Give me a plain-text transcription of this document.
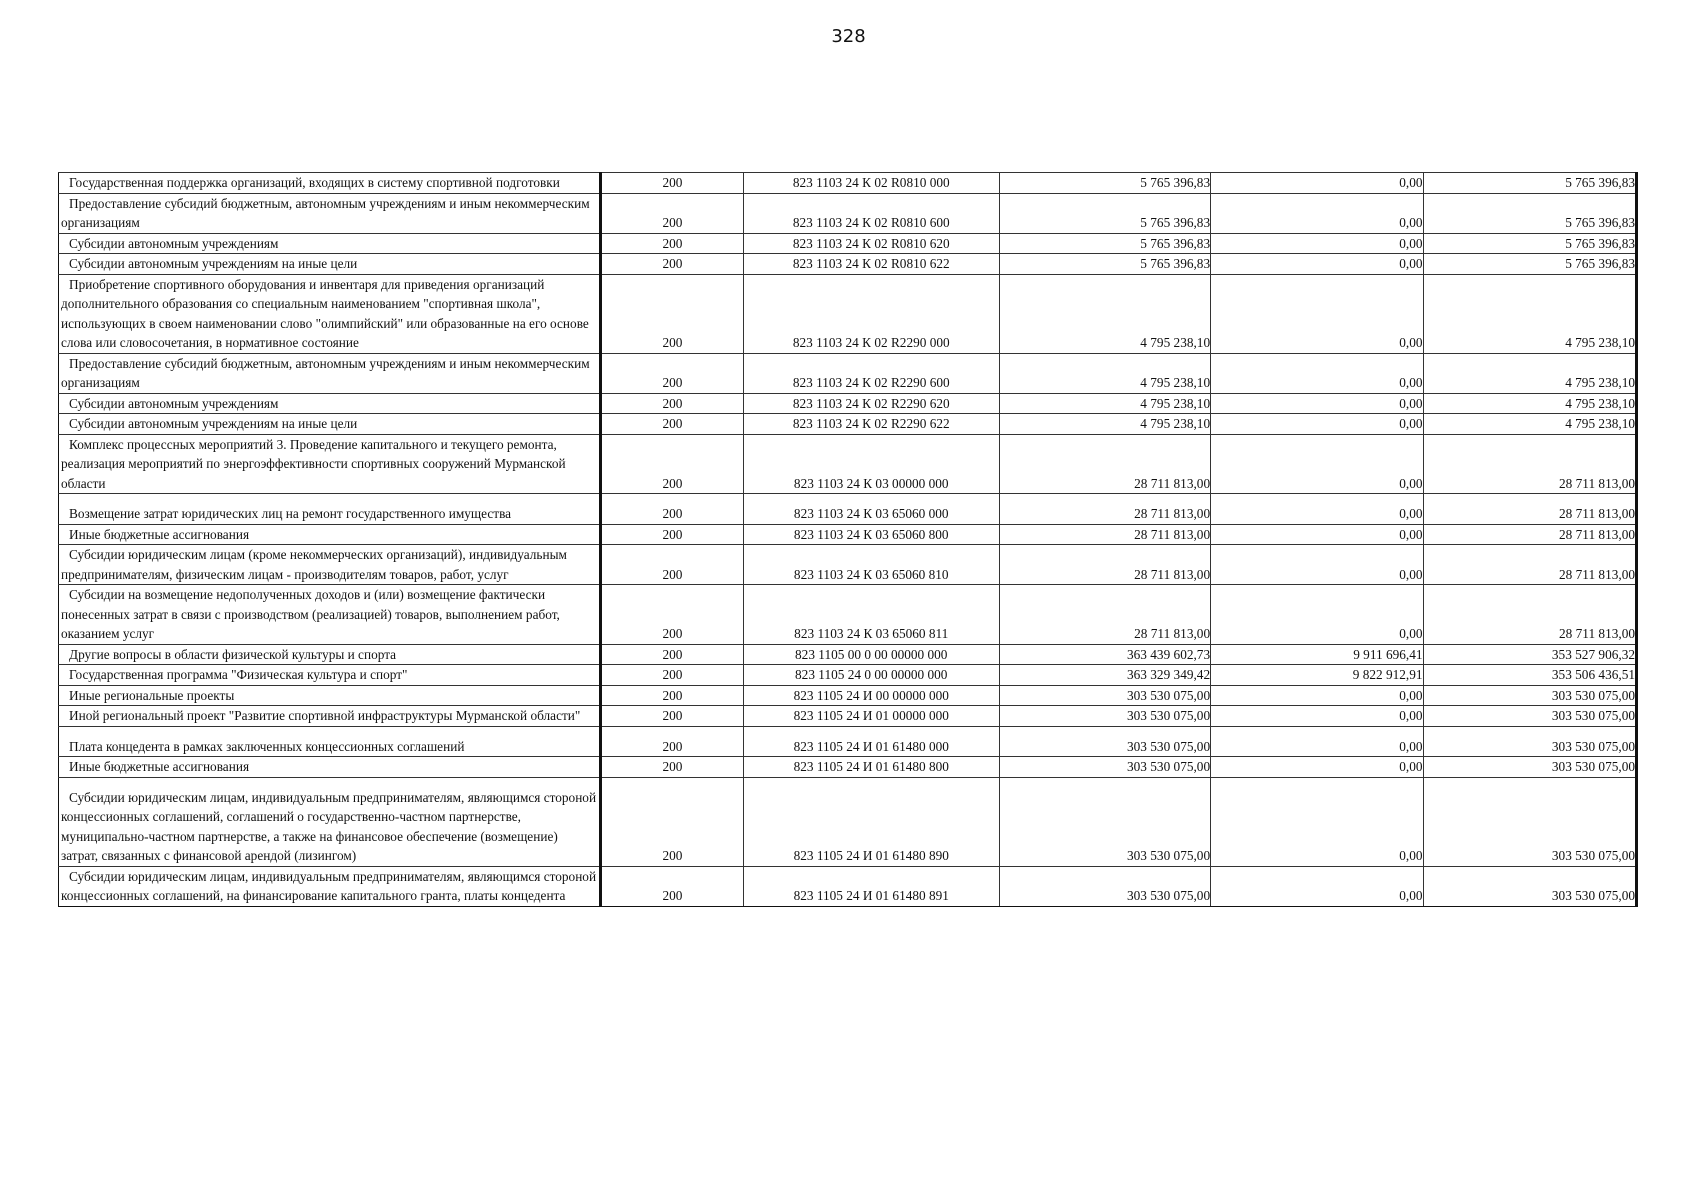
328
Государственная поддержка организаций, входящих в систему спортивной подготовки	200	823 1103 24 К 02 R0810 000	5 765 396,83	0,00	5 765 396,83

Предоставление субсидий бюджетным, автономным учреждениям и иным некоммерческим организациям	200	823 1103 24 К 02 R0810 600	5 765 396,83	0,00	5 765 396,83

Субсидии автономным учреждениям	200	823 1103 24 К 02 R0810 620	5 765 396,83	0,00	5 765 396,83

Субсидии автономным учреждениям на иные цели	200	823 1103 24 К 02 R0810 622	5 765 396,83	0,00	5 765 396,83

Приобретение спортивного оборудования и инвентаря для приведения организаций дополнительного образования со специальным наименованием "спортивная школа", использующих в своем наименовании слово "олимпийский" или образованные на его основе слова или словосочетания, в нормативное состояние	200	823 1103 24 К 02 R2290 000	4 795 238,10	0,00	4 795 238,10

Предоставление субсидий бюджетным, автономным учреждениям и иным некоммерческим организациям	200	823 1103 24 К 02 R2290 600	4 795 238,10	0,00	4 795 238,10

Субсидии автономным учреждениям	200	823 1103 24 К 02 R2290 620	4 795 238,10	0,00	4 795 238,10

Субсидии автономным учреждениям на иные цели	200	823 1103 24 К 02 R2290 622	4 795 238,10	0,00	4 795 238,10

Комплекс процессных мероприятий 3. Проведение капитального и текущего ремонта, реализация мероприятий по энергоэффективности спортивных сооружений Мурманской области	200	823 1103 24 К 03 00000 000	28 711 813,00	0,00	28 711 813,00

Возмещение затрат юридических лиц на ремонт государственного имущества	200	823 1103 24 К 03 65060 000	28 711 813,00	0,00	28 711 813,00

Иные бюджетные ассигнования	200	823 1103 24 К 03 65060 800	28 711 813,00	0,00	28 711 813,00

Субсидии юридическим лицам (кроме некоммерческих организаций), индивидуальным предпринимателям, физическим лицам - производителям товаров, работ, услуг	200	823 1103 24 К 03 65060 810	28 711 813,00	0,00	28 711 813,00

Субсидии на возмещение недополученных доходов и (или) возмещение фактически понесенных затрат в связи с производством (реализацией) товаров, выполнением работ, оказанием услуг	200	823 1103 24 К 03 65060 811	28 711 813,00	0,00	28 711 813,00

Другие вопросы в области физической культуры и спорта	200	823 1105 00 0 00 00000 000	363 439 602,73	9 911 696,41	353 527 906,32

Государственная программа "Физическая культура и спорт"	200	823 1105 24 0 00 00000 000	363 329 349,42	9 822 912,91	353 506 436,51

Иные региональные проекты	200	823 1105 24 И 00 00000 000	303 530 075,00	0,00	303 530 075,00

Иной региональный проект "Развитие спортивной инфраструктуры Мурманской области"	200	823 1105 24 И 01 00000 000	303 530 075,00	0,00	303 530 075,00

Плата концедента в рамках заключенных концессионных соглашений	200	823 1105 24 И 01 61480 000	303 530 075,00	0,00	303 530 075,00

Иные бюджетные ассигнования	200	823 1105 24 И 01 61480 800	303 530 075,00	0,00	303 530 075,00

Субсидии юридическим лицам, индивидуальным предпринимателям, являющимся стороной концессионных соглашений, соглашений о государственно-частном партнерстве, муниципально-частном партнерстве, а также на финансовое обеспечение (возмещение) затрат, связанных с финансовой арендой (лизингом)	200	823 1105 24 И 01 61480 890	303 530 075,00	0,00	303 530 075,00

Субсидии юридическим лицам, индивидуальным предпринимателям, являющимся стороной концессионных соглашений, на финансирование капитального гранта, платы концедента	200	823 1105 24 И 01 61480 891	303 530 075,00	0,00	303 530 075,00
